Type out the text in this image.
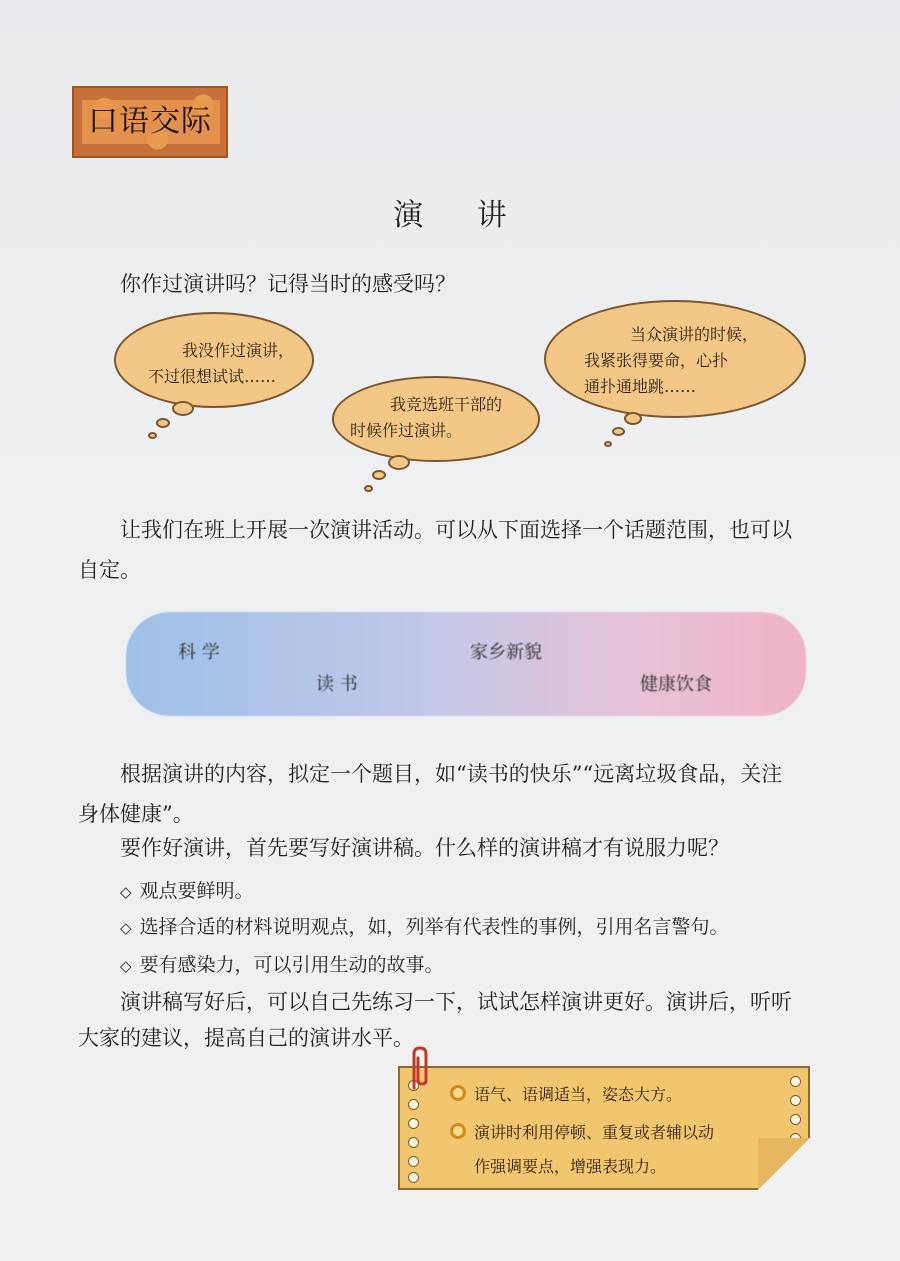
口语交际
演 讲

你作过演讲吗？记得当时的感受吗？

我没作过演讲，
不过很想试试……
我竞选班干部的
时候作过演讲。
当众演讲的时候，
我紧张得要命，心扑
通扑通地跳……

让我们在班上开展一次演讲活动。可以从下面选择一个话题范围，也可以

自定。

科 学
读 书
家乡新貌
健康饮食

根据演讲的内容，拟定一个题目，如“读书的快乐”“远离垃圾食品，关注

身体健康”。

要作好演讲，首先要写好演讲稿。什么样的演讲稿才有说服力呢？

◇ 观点要鲜明。
◇ 选择合适的材料说明观点，如，列举有代表性的事例，引用名言警句。
◇ 要有感染力，可以引用生动的故事。

演讲稿写好后，可以自己先练习一下，试试怎样演讲更好。演讲后，听听

大家的建议，提高自己的演讲水平。

语气、语调适当，姿态大方。
演讲时利用停顿、重复或者辅以动
作强调要点，增强表现力。
